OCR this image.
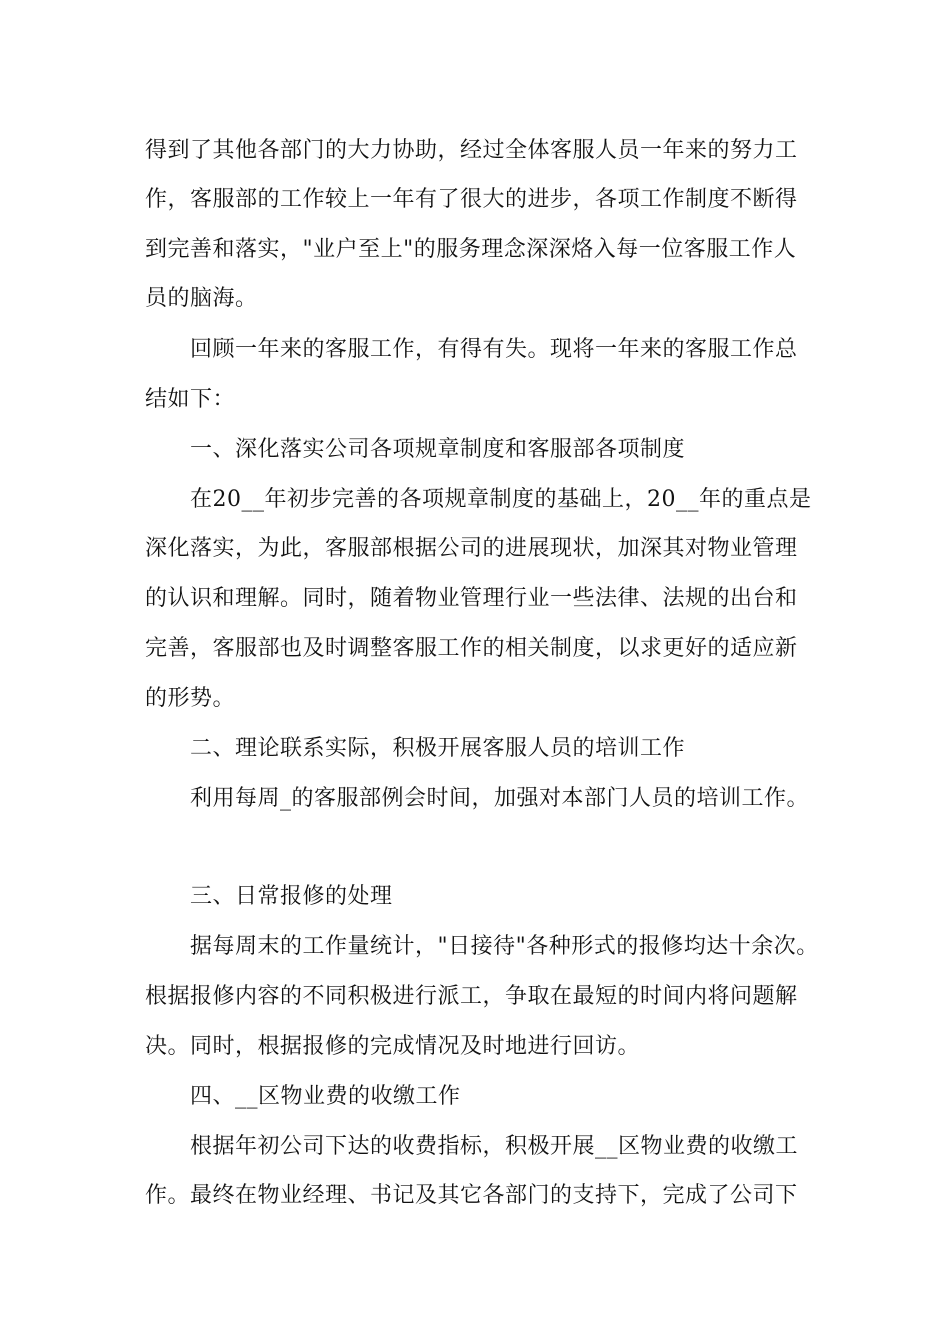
得到了其他各部门的大力协助，经过全体客服人员一年来的努力工
作，客服部的工作较上一年有了很大的进步，各项工作制度不断得
到完善和落实，"业户至上"的服务理念深深烙入每一位客服工作人
员的脑海。
回顾一年来的客服工作，有得有失。现将一年来的客服工作总
结如下：
一、深化落实公司各项规章制度和客服部各项制度
在20__年初步完善的各项规章制度的基础上，20__年的重点是
深化落实，为此，客服部根据公司的进展现状，加深其对物业管理
的认识和理解。同时，随着物业管理行业一些法律、法规的出台和
完善，客服部也及时调整客服工作的相关制度，以求更好的适应新
的形势。
二、理论联系实际，积极开展客服人员的培训工作
利用每周_的客服部例会时间，加强对本部门人员的培训工作。
三、日常报修的处理
据每周末的工作量统计，"日接待"各种形式的报修均达十余次。
根据报修内容的不同积极进行派工，争取在最短的时间内将问题解
决。同时，根据报修的完成情况及时地进行回访。
四、__区物业费的收缴工作
根据年初公司下达的收费指标，积极开展__区物业费的收缴工
作。最终在物业经理、书记及其它各部门的支持下，完成了公司下
